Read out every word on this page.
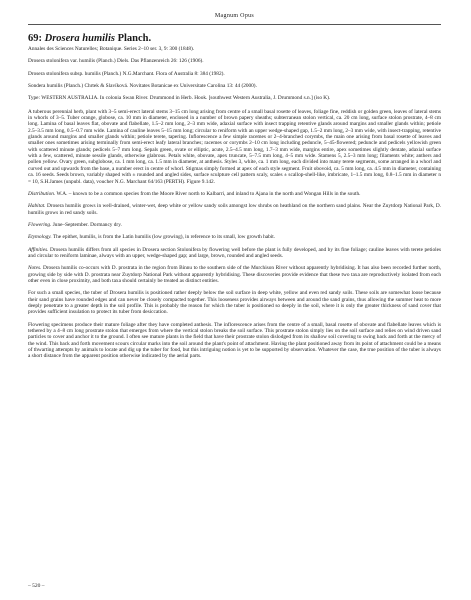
Magnum Opus
69: Drosera humilis Planch.

Annales des Sciences Naturelles; Botanique. Series 2–10 ser. 3, 9: 300 (1848).

Drosera stolonifera var. humilis (Planch.) Diels. Das Pflanzenreich 26: 126 (1906).

Drosera stolonifera subsp. humilis (Planch.) N.G.Marchant. Flora of Australia 8: 384 (1982).

Sondera humilis (Planch.) Chrtek & Slavíková. Novitates Botanicae ex Universitate Carolina 13: 44 (2000).

Type: WESTERN AUSTRALIA. In colonia Swan River. Drummond in Herb. Hook. [southwest Western Australia, J. Drummond s.n.] (iso K).

A tuberous perennial herb, plant with 3–5 semi-erect lateral stems 3–15 cm long arising from centre of a small basal rosette of leaves, foliage fine, reddish or golden green, leaves of lateral stems in whorls of 3–5. Tuber orange, globose, ca. 10 mm in diameter, enclosed in a number of brown papery sheaths; subterranean stolon vertical, ca. 20 cm long, surface stolon prostrate, 4–8 cm long. Lamina of basal leaves flat, obovate and flabellate, 1.5–2 mm long, 2–3 mm wide, adaxial surface with insect trapping retentive glands around margins and smaller glands within; petiole 2.5–3.5 mm long, 0.5–0.7 mm wide. Lamina of cauline leaves 5–15 mm long; circular to reniform with an upper wedge-shaped gap, 1.5–2 mm long, 2–3 mm wide, with insect-trapping, retentive glands around margins and smaller glands within; petiole terete, tapering. Inflorescence a few simple racemes or 2–4-branched corymbs, the main one arising from basal rosette of leaves and smaller ones sometimes arising terminally from semi-erect leafy lateral branches; racemes or corymbs 2–10 cm long including peduncle, 5–45-flowered; peduncle and pedicels yellowish green with scattered minute glands; pedicels 5–7 mm long. Sepals green, ovate or elliptic, acute, 2.5–4.5 mm long, 1.7–3 mm wide, margins entire, apex sometimes slightly dentate, adaxial surface with a few, scattered, minute sessile glands, otherwise glabrous. Petals white, obovate, apex truncate, 5–7.5 mm long, 4–5 mm wide. Stamens 5, 2.5–3 mm long; filaments white; anthers and pollen yellow. Ovary green, subglobose, ca. 1 mm long, ca. 1.5 mm in diameter, at anthesis. Styles 3, white, ca. 1 mm long, each divided into many terete segments, some arranged in a whorl and curved out and upwards from the base, a number erect in centre of whorl. Stigmas simply formed at apex of each style segment. Fruit obovoid, ca. 5 mm long, ca. 4.5 mm in diameter, containing ca. 16 seeds. Seeds brown, variably shaped with ± rounded and angled sides, surface sculpture cell pattern scaly, scales ± scallop-shell-like, imbricate, 1–1.5 mm long, 0.8–1.5 mm in diameter n = 10, S.H.James (unpubl. data), voucher N.G. Marchant 64/163 (PERTH). Figure 9.142.

Distribution. W.A. – known to be a common species from the Moore River north to Kalbarri, and inland to Ajana in the north and Wongan Hills in the south.

Habitat. Drosera humilis grows in well-drained, winter-wet, deep white or yellow sandy soils amongst low shrubs on heathland on the northern sand plains. Near the Zuytdorp National Park, D. humilis grows in red sandy soils.

Flowering. June–September. Dormancy dry.

Etymology. The epithet, humilis, is from the Latin humilis (low growing), in reference to its small, low growth habit.

Affinities. Drosera humilis differs from all species in Drosera section Stolonifera by flowering well before the plant is fully developed, and by its fine foliage; cauline leaves with terete petioles and circular to reniform laminae, always with an upper, wedge-shaped gap; and large, brown, rounded and angled seeds.

Notes. Drosera humilis co-occurs with D. prostrata in the region from Binnu to the southern side of the Murchison River without apparently hybridising. It has also been recorded further north, growing side by side with D. prostrata near Zuytdorp National Park without apparently hybridising. These discoveries provide evidence that these two taxa are reproductively isolated from each other even in close proximity, and both taxa should certainly be treated as distinct entities.

For such a small species, the tuber of Drosera humilis is positioned rather deeply below the soil surface in deep white, yellow and even red sandy soils. These soils are somewhat loose because their sand grains have rounded edges and can never be closely compacted together. This looseness provides airways between and around the sand grains, thus allowing the summer heat to more deeply penetrate to a greater depth in the soil profile. This is probably the reason for which the tuber is positioned so deeply in the soil, where it is only the greater thickness of sand cover that provides sufficient insulation to protect its tuber from desiccation.

Flowering specimens produce their mature foliage after they have completed anthesis. The inflorescence arises from the centre of a small, basal rosette of obovate and flabellate leaves which is tethered by a 4–8 cm long prostrate stolon that emerges from where the vertical stolon breaks the soil surface. This prostrate stolon simply lies on the soil surface and relies on wind driven sand particles to cover and anchor it to the ground. I often see mature plants in the field that have their prostrate stolon dislodged from its shallow soil covering to swing back and forth at the mercy of the wind. This back and forth movement scours circular marks into the soil around the plant's point of attachment. Having the plant positioned away from its point of attachment could be a means of thwarting attempts by animals to locate and dig up the tuber for food, but this intriguing notion is yet to be supported by observation. Whatever the case, the true position of the tuber is always a short distance from the apparent position otherwise indicated by the aerial parts.

– 520 –
